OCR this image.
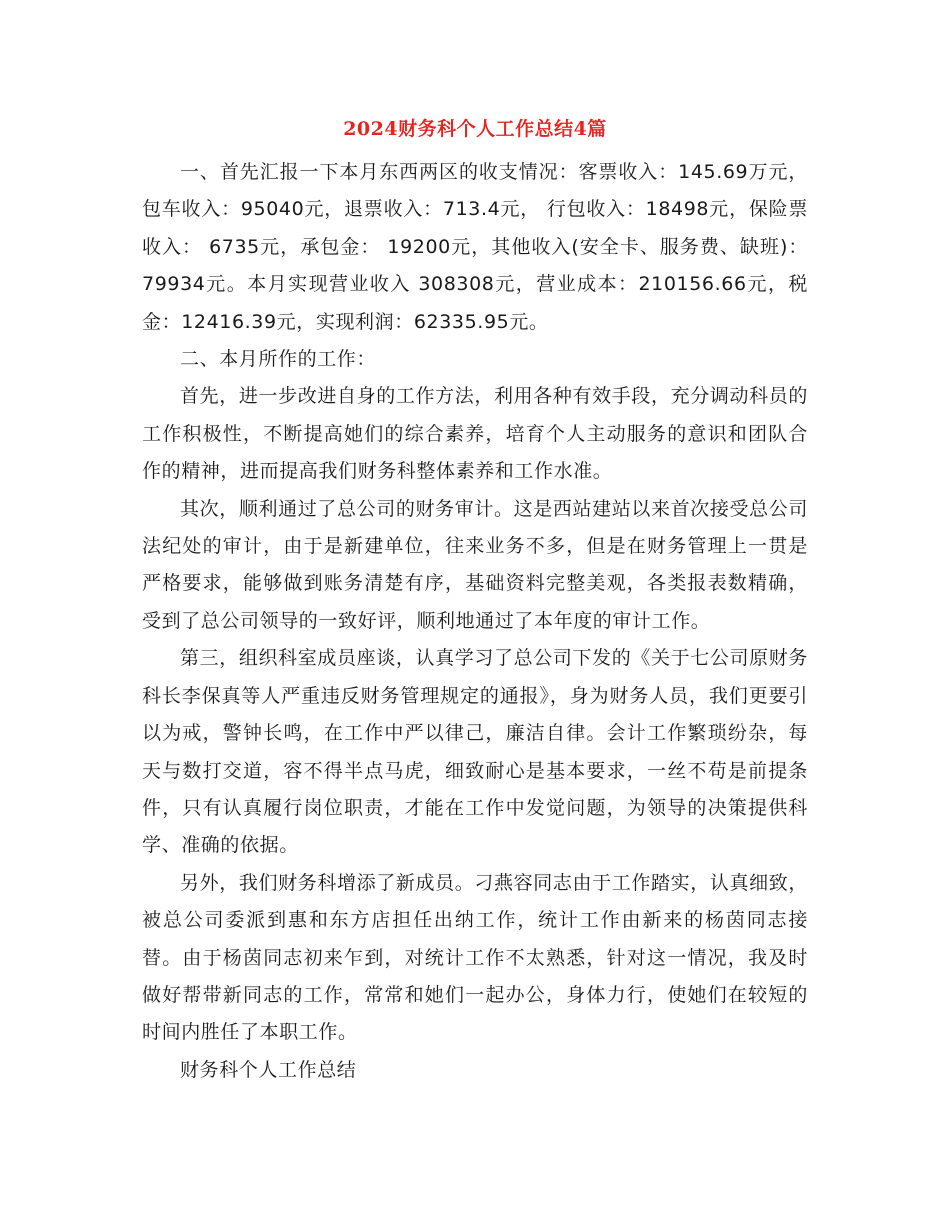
2024财务科个人工作总结4篇

一、首先汇报一下本月东西两区的收支情况：客票收入：145.69万元，包车收入：95040元，退票收入：713.4元， 行包收入：18498元，保险票收入： 6735元，承包金： 19200元，其他收入(安全卡、服务费、缺班)：79934元。本月实现营业收入 308308元，营业成本：210156.66元，税金：12416.39元，实现利润：62335.95元。

二、本月所作的工作：

首先，进一步改进自身的工作方法，利用各种有效手段，充分调动科员的工作积极性，不断提高她们的综合素养，培育个人主动服务的意识和团队合作的精神，进而提高我们财务科整体素养和工作水准。

其次，顺利通过了总公司的财务审计。这是西站建站以来首次接受总公司法纪处的审计，由于是新建单位，往来业务不多，但是在财务管理上一贯是严格要求，能够做到账务清楚有序，基础资料完整美观，各类报表数精确，受到了总公司领导的一致好评，顺利地通过了本年度的审计工作。

第三，组织科室成员座谈，认真学习了总公司下发的《关于七公司原财务科长李保真等人严重违反财务管理规定的通报》，身为财务人员，我们更要引以为戒，警钟长鸣，在工作中严以律己，廉洁自律。会计工作繁琐纷杂，每天与数打交道，容不得半点马虎，细致耐心是基本要求，一丝不苟是前提条件，只有认真履行岗位职责，才能在工作中发觉问题，为领导的决策提供科学、准确的依据。

另外，我们财务科增添了新成员。刁燕容同志由于工作踏实，认真细致，被总公司委派到惠和东方店担任出纳工作，统计工作由新来的杨茵同志接替。由于杨茵同志初来乍到，对统计工作不太熟悉，针对这一情况，我及时做好帮带新同志的工作，常常和她们一起办公，身体力行，使她们在较短的时间内胜任了本职工作。

财务科个人工作总结
